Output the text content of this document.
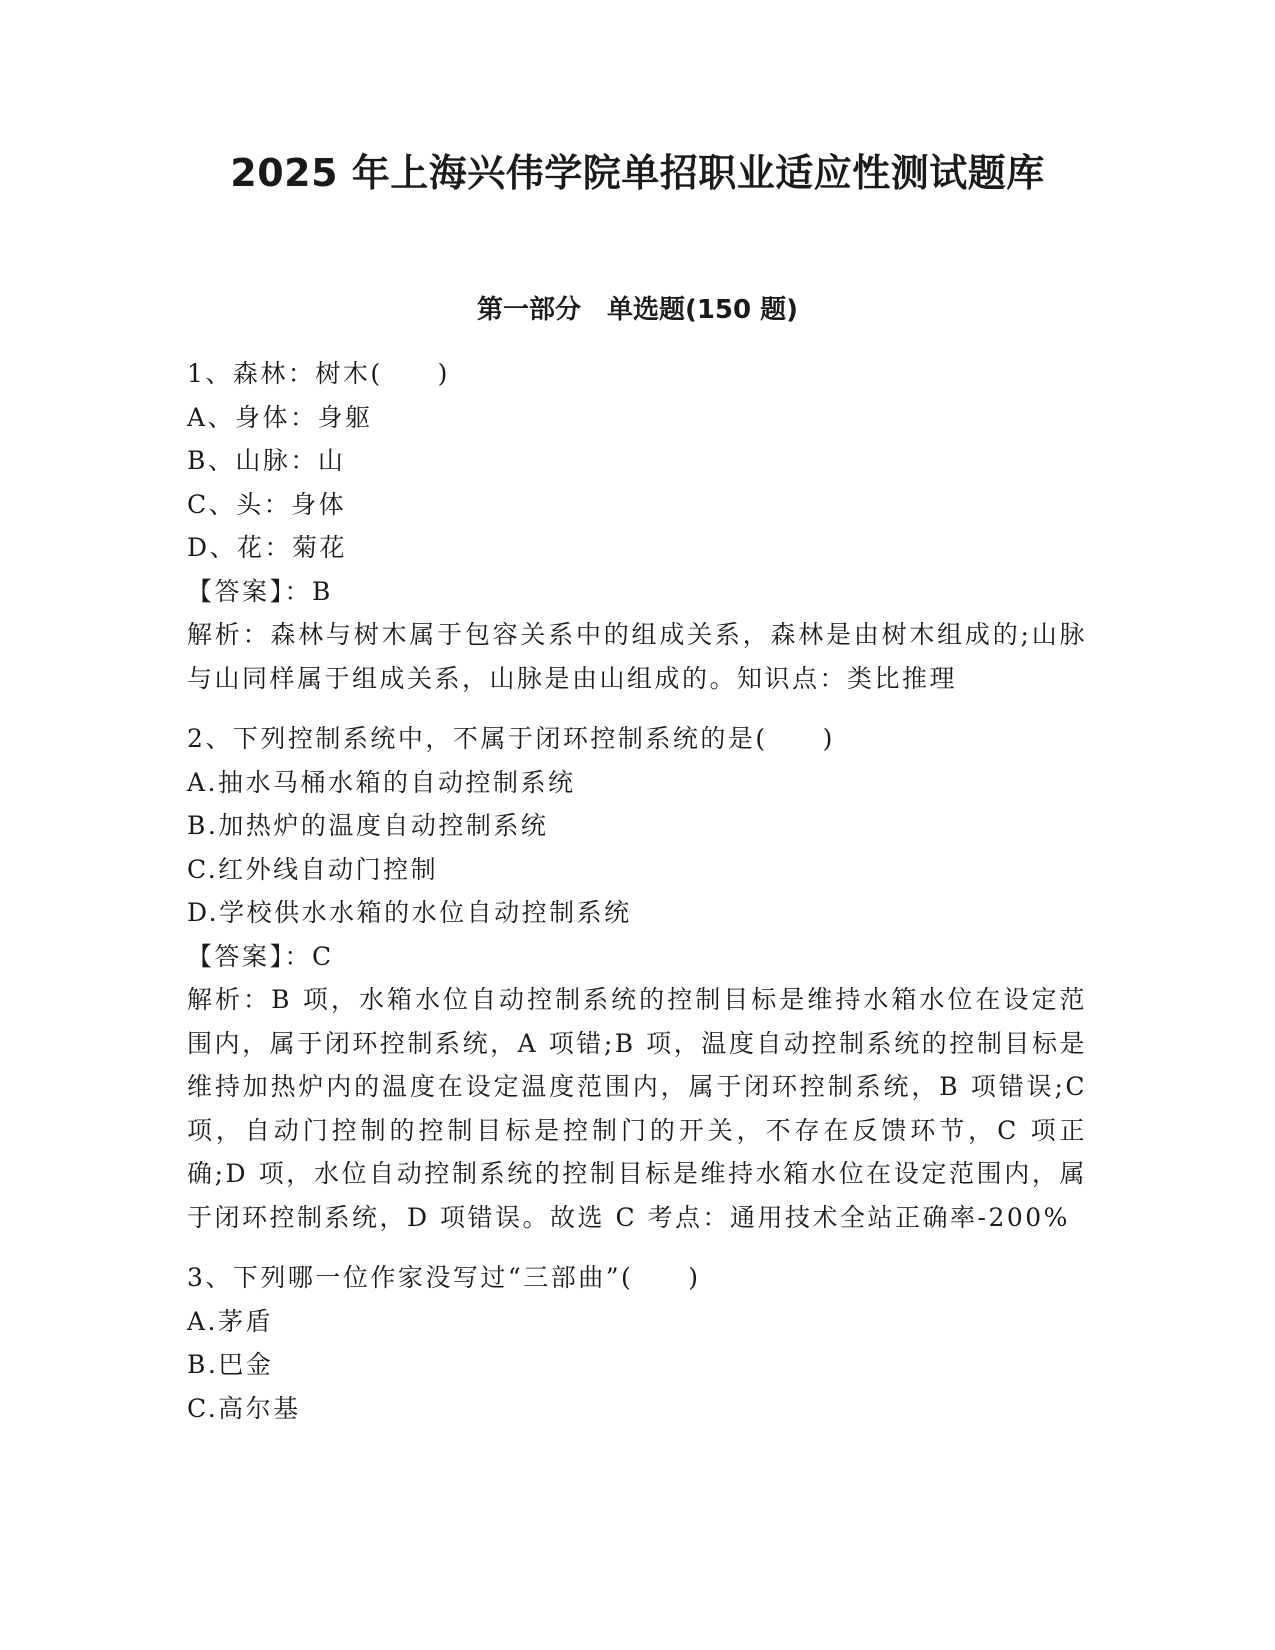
2025 年上海兴伟学院单招职业适应性测试题库
第一部分　单选题(150 题)
1、森林：树木(　　)
A、身体：身躯
B、山脉：山
C、头：身体
D、花：菊花
【答案】：B
解析：森林与树木属于包容关系中的组成关系，森林是由树木组成的;山脉与山同样属于组成关系，山脉是由山组成的。知识点：类比推理
2、下列控制系统中，不属于闭环控制系统的是(　　)
A.抽水马桶水箱的自动控制系统
B.加热炉的温度自动控制系统
C.红外线自动门控制
D.学校供水水箱的水位自动控制系统
【答案】：C
解析：B 项，水箱水位自动控制系统的控制目标是维持水箱水位在设定范围内，属于闭环控制系统，A 项错;B 项，温度自动控制系统的控制目标是维持加热炉内的温度在设定温度范围内，属于闭环控制系统，B 项错误;C 项，自动门控制的控制目标是控制门的开关，不存在反馈环节，C 项正确;D 项，水位自动控制系统的控制目标是维持水箱水位在设定范围内，属于闭环控制系统，D 项错误。故选 C 考点：通用技术全站正确率-200%
3、下列哪一位作家没写过“三部曲”(　　)
A.茅盾
B.巴金
C.高尔基
